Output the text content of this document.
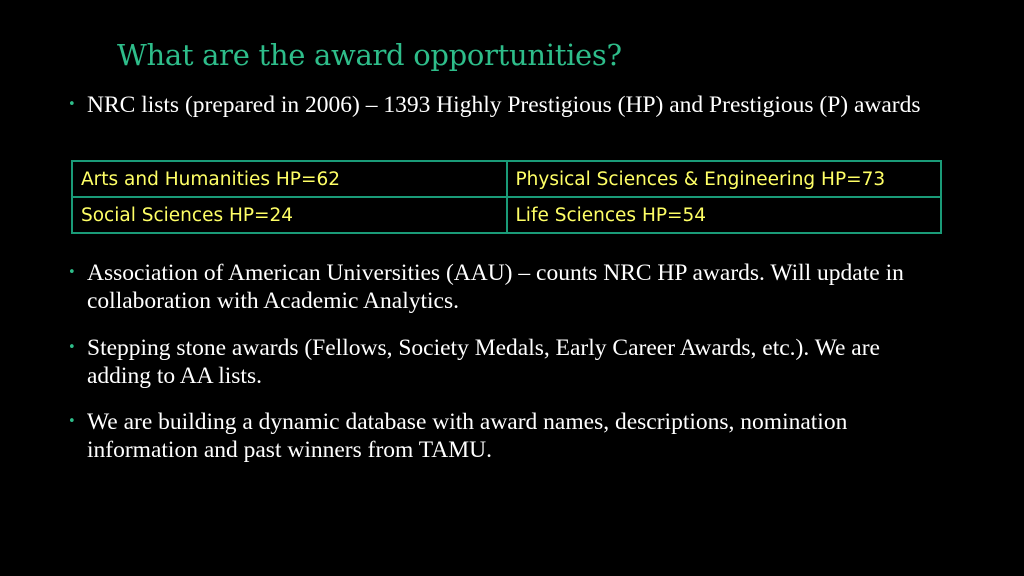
What are the award opportunities?
• NRC lists (prepared in 2006) – 1393 Highly Prestigious (HP) and Prestigious (P) awards
Arts and Humanities HP=62	Physical Sciences & Engineering HP=73
Social Sciences HP=24	Life Sciences HP=54
• Association of American Universities (AAU) – counts NRC HP awards. Will update in collaboration with Academic Analytics.
• Stepping stone awards (Fellows, Society Medals, Early Career Awards, etc.). We are adding to AA lists.
• We are building a dynamic database with award names, descriptions, nomination information and past winners from TAMU.
